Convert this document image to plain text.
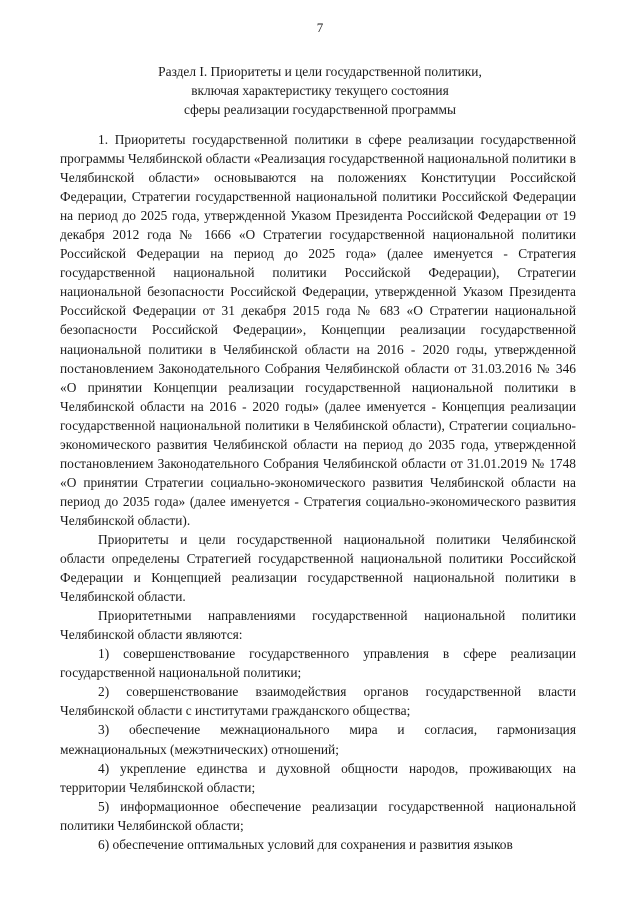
7
Раздел I. Приоритеты и цели государственной политики,
включая характеристику текущего состояния
сферы реализации государственной программы

1. Приоритеты государственной политики в сфере реализации государственной программы Челябинской области «Реализация государственной национальной политики в Челябинской области» основываются на положениях Конституции Российской Федерации, Стратегии государственной национальной политики Российской Федерации на период до 2025 года, утвержденной Указом Президента Российской Федерации от 19 декабря 2012 года № 1666 «О Стратегии государственной национальной политики Российской Федерации на период до 2025 года» (далее именуется - Стратегия государственной национальной политики Российской Федерации), Стратегии национальной безопасности Российской Федерации, утвержденной Указом Президента Российской Федерации от 31 декабря 2015 года № 683 «О Стратегии национальной безопасности Российской Федерации», Концепции реализации государственной национальной политики в Челябинской области на 2016 - 2020 годы, утвержденной постановлением Законодательного Собрания Челябинской области от 31.03.2016 № 346 «О принятии Концепции реализации государственной национальной политики в Челябинской области на 2016 - 2020 годы» (далее именуется - Концепция реализации государственной национальной политики в Челябинской области), Стратегии социально-экономического развития Челябинской области на период до 2035 года, утвержденной постановлением Законодательного Собрания Челябинской области от 31.01.2019 № 1748 «О принятии Стратегии социально-экономического развития Челябинской области на период до 2035 года» (далее именуется - Стратегия социально-экономического развития Челябинской области).

Приоритеты и цели государственной национальной политики Челябинской области определены Стратегией государственной национальной политики Российской Федерации и Концепцией реализации государственной национальной политики в Челябинской области.

Приоритетными направлениями государственной национальной политики Челябинской области являются:

1) совершенствование государственного управления в сфере реализации государственной национальной политики;

2) совершенствование взаимодействия органов государственной власти Челябинской области с институтами гражданского общества;

3) обеспечение межнационального мира и согласия, гармонизация межнациональных (межэтнических) отношений;

4) укрепление единства и духовной общности народов, проживающих на территории Челябинской области;

5) информационное обеспечение реализации государственной национальной политики Челябинской области;

6) обеспечение оптимальных условий для сохранения и развития языков
